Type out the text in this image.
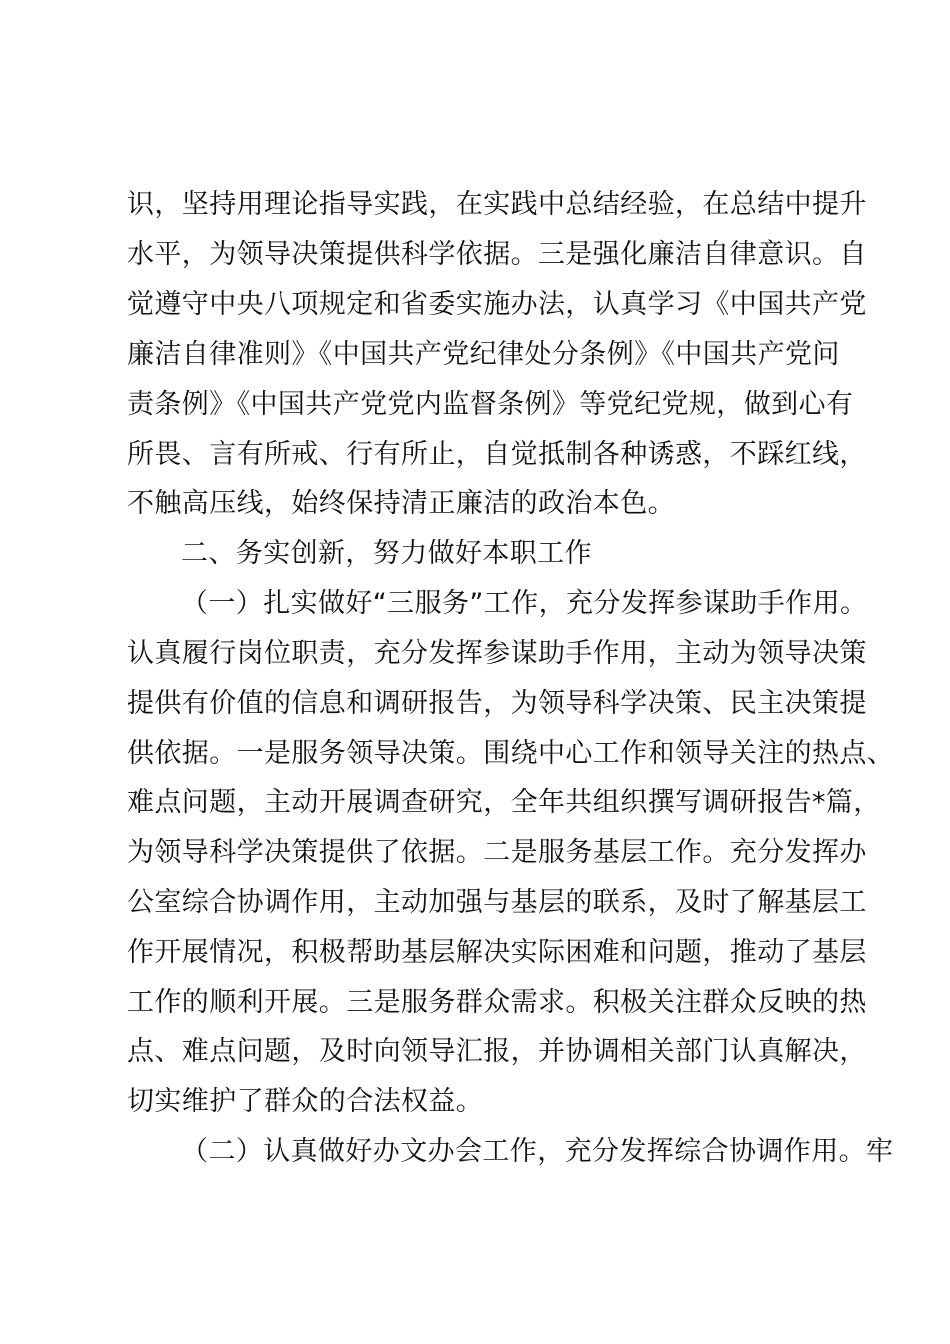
识，坚持用理论指导实践，在实践中总结经验，在总结中提升
水平，为领导决策提供科学依据。三是强化廉洁自律意识。自
觉遵守中央八项规定和省委实施办法，认真学习《中国共产党
廉洁自律准则》《中国共产党纪律处分条例》《中国共产党问
责条例》《中国共产党党内监督条例》等党纪党规，做到心有
所畏、言有所戒、行有所止，自觉抵制各种诱惑，不踩红线，
不触高压线，始终保持清正廉洁的政治本色。
二、务实创新，努力做好本职工作
（一）扎实做好“三服务”工作，充分发挥参谋助手作用。
认真履行岗位职责，充分发挥参谋助手作用，主动为领导决策
提供有价值的信息和调研报告，为领导科学决策、民主决策提
供依据。一是服务领导决策。围绕中心工作和领导关注的热点、
难点问题，主动开展调查研究，全年共组织撰写调研报告*篇，
为领导科学决策提供了依据。二是服务基层工作。充分发挥办
公室综合协调作用，主动加强与基层的联系，及时了解基层工
作开展情况，积极帮助基层解决实际困难和问题，推动了基层
工作的顺利开展。三是服务群众需求。积极关注群众反映的热
点、难点问题，及时向领导汇报，并协调相关部门认真解决，
切实维护了群众的合法权益。
（二）认真做好办文办会工作，充分发挥综合协调作用。牢
